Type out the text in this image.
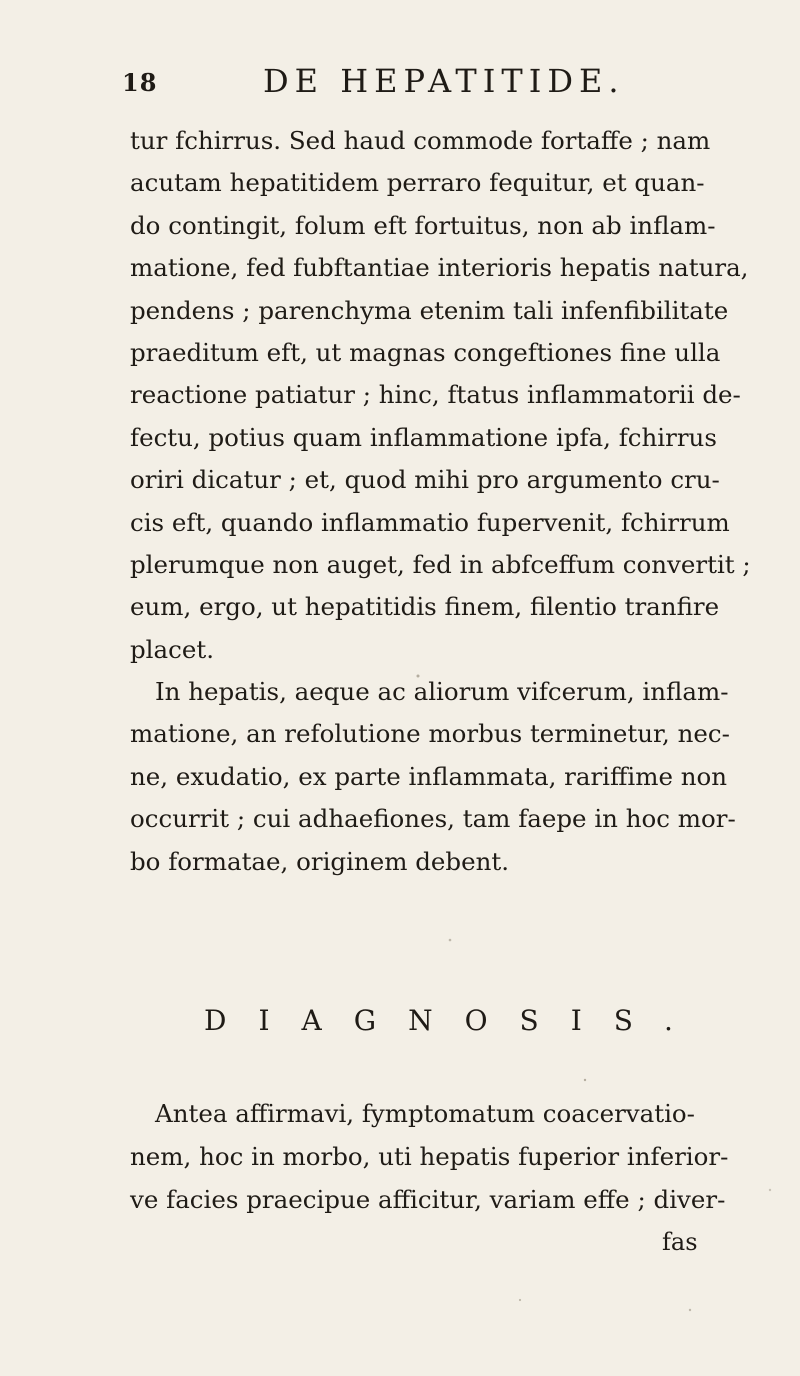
18	DE HEPATITIDE.
tur fchirrus. Sed haud commode fortaffe ; nam
acutam hepatitidem perraro fequitur, et quan-
do contingit, folum eft fortuitus, non ab inflam-
matione, fed fubftantiae interioris hepatis natura,
pendens ; parenchyma etenim tali infenfibilitate
praeditum eft, ut magnas congeftiones fine ulla
reactione patiatur ; hinc, ftatus inflammatorii de-
fectu, potius quam inflammatione ipfa, fchirrus
oriri dicatur ; et, quod mihi pro argumento cru-
cis eft, quando inflammatio fupervenit, fchirrum
plerumque non auget, fed in abfceffum convertit ;
eum, ergo, ut hepatitidis finem, filentio tranfire
placet.
In hepatis, aeque ac aliorum vifcerum, inflam-
matione, an refolutione morbus terminetur, nec-
ne, exudatio, ex parte inflammata, rariffime non
occurrit ; cui adhaefiones, tam faepe in hoc mor-
bo formatae, originem debent.
DIAGNOSIS.
Antea affirmavi, fymptomatum coacervatio-
nem, hoc in morbo, uti hepatis fuperior inferior-
ve facies praecipue afficitur, variam effe ; diver-
fas
